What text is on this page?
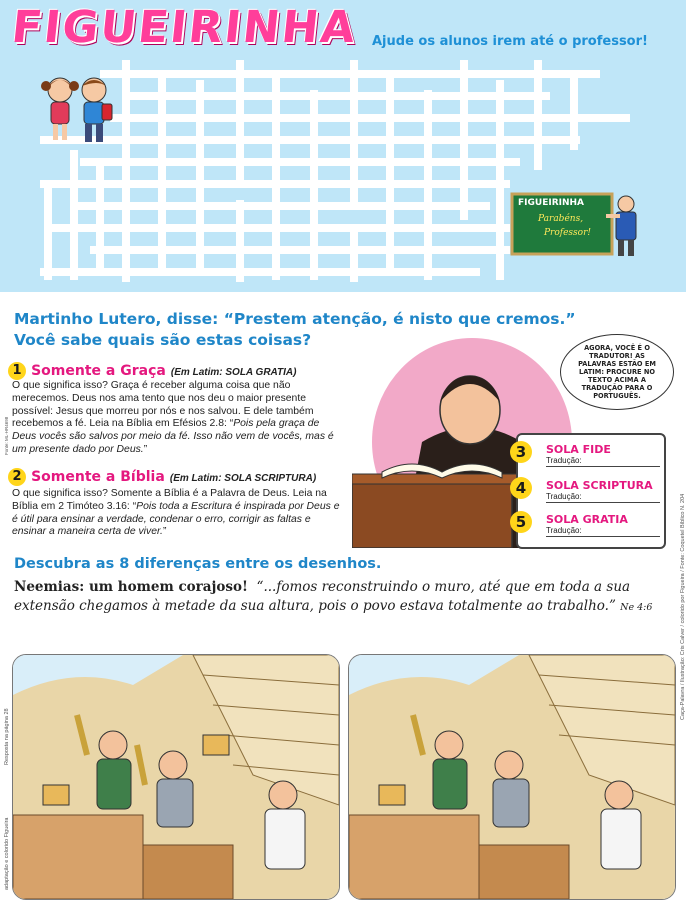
FIGUEIRINHA Ajude os alunos irem até o professor!
FIGUEIRINHA
Parabéns,
Professor!
Martinho Lutero, disse: “Prestem atenção, é nisto que cremos.”
Você sabe quais são estas coisas?
1 Somente a Graça (Em Latim: SOLA GRATIA)
O que significa isso? Graça é receber alguma coisa que não merecemos. Deus nos ama tento que nos deu o maior presente possível: Jesus que morreu por nós e nos salvou. E dele também recebemos a fé. Leia na Bíblia em Efésios 2.8: “Pois pela graça de Deus vocês são salvos por meio da fé. Isso não vem de vocês, mas é um presente dado por Deus.”
2 Somente a Bíblia (Em Latim: SOLA SCRIPTURA)
O que significa isso? Somente a Bíblia é a Palavra de Deus. Leia na Bíblia em 2 Timóteo 3.16: “Pois toda a Escritura é inspirada por Deus e é útil para ensinar a verdade, condenar o erro, corrigir as faltas e ensinar a maneira certa de viver.”
AGORA, VOCÊ É O TRADUTOR! AS PALAVRAS ESTÃO EM LATIM: PROCURE NO TEXTO ACIMA A TRADUÇÃO PARA O PORTUGUÊS.
3	SOLA FIDE
Tradução:
4	SOLA SCRIPTURA
Tradução:
5	SOLA GRATIA
Tradução:
Descubra as 8 diferenças entre os desenhos.
Neemias: um homem corajoso! “...fomos reconstruindo o muro, até que em toda a sua extensão chegamos à metade da sua altura, pois o povo estava totalmente ao trabalho.” Ne 4:6	Caça-Palavra / Ilustração: Cris Calver / colorido por Figueira / Fonte: Coquetel Bíblico N. 204
adaptação e colorido Figueira
Resposta na página 28
Fonte: ML-HR4698
